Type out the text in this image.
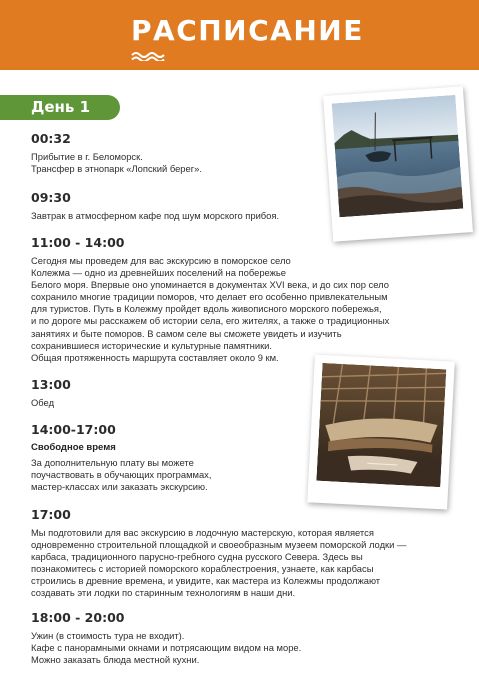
РАСПИСАНИЕ
День 1
00:32

Прибытие в г. Беломорск.
Трансфер в этнопарк «Лопский берег».

09:30

Завтрак в атмосферном кафе под шум морского прибоя.

11:00 - 14:00

Сегодня мы проведем для вас экскурсию в поморское село
Колежма — одно из древнейших поселений на побережье
Белого моря. Впервые оно упоминается в документах XVI века, и до сих пор село
сохранило многие традиции поморов, что делает его особенно привлекательным
для туристов. Путь в Колежму пройдет вдоль живописного морского побережья,
и по дороге мы расскажем об истории села, его жителях, а также о традиционных
занятиях и быте поморов. В самом селе вы сможете увидеть и изучить
сохранившиеся исторические и культурные памятники.
Общая протяженность маршрута составляет около 9 км.

13:00

Обед

14:00-17:00
Свободное время

За дополнительную плату вы можете
поучаствовать в обучающих программах,
мастер-классах или заказать экскурсию.

17:00

Мы подготовили для вас экскурсию в лодочную мастерскую, которая является
одновременно строительной площадкой и своеобразным музеем поморской лодки —
карбаса, традиционного парусно-гребного судна русского Севера. Здесь вы
познакомитесь с историей поморского кораблестроения, узнаете, как карбасы
строились в древние времена, и увидите, как мастера из Колежмы продолжают
создавать эти лодки по старинным технологиям в наши дни.

18:00 - 20:00

Ужин (в стоимость тура не входит).
Кафе с панорамными окнами и потрясающим видом на море.
Можно заказать блюда местной кухни.
